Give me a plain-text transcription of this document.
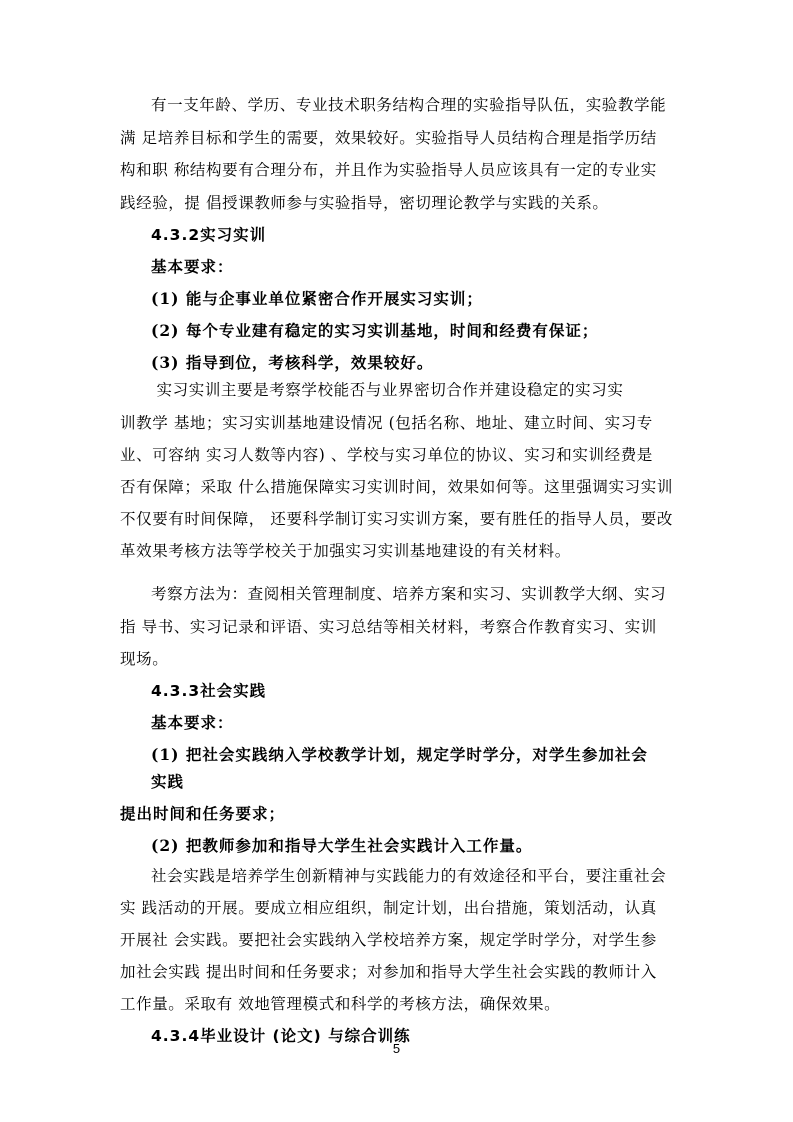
有一支年龄、学历、专业技术职务结构合理的实验指导队伍，实验教学能
满 足培养目标和学生的需要，效果较好。实验指导人员结构合理是指学历结
构和职 称结构要有合理分布，并且作为实验指导人员应该具有一定的专业实
践经验，提 倡授课教师参与实验指导，密切理论教学与实践的关系。
4.3.2实习实训
基本要求：
(1) 能与企事业单位紧密合作开展实习实训；
(2) 每个专业建有稳定的实习实训基地，时间和经费有保证；
(3) 指导到位，考核科学，效果较好。
实习实训主要是考察学校能否与业界密切合作并建设稳定的实习实
训教学 基地；实习实训基地建设情况 (包括名称、地址、建立时间、实习专
业、可容纳 实习人数等内容) 、学校与实习单位的协议、实习和实训经费是
否有保障；采取 什么措施保障实习实训时间，效果如何等。这里强调实习实训
不仅要有时间保障， 还要科学制订实习实训方案，要有胜任的指导人员，要改
革效果考核方法等学校关于加强实习实训基地建设的有关材料。
考察方法为：查阅相关管理制度、培养方案和实习、实训教学大纲、实习
指 导书、实习记录和评语、实习总结等相关材料，考察合作教育实习、实训
现场。
4.3.3社会实践
基本要求：
(1) 把社会实践纳入学校教学计划，规定学时学分，对学生参加社会
实践
提出时间和任务要求；
(2) 把教师参加和指导大学生社会实践计入工作量。
社会实践是培养学生创新精神与实践能力的有效途径和平台，要注重社会
实 践活动的开展。要成立相应组织，制定计划，出台措施，策划活动，认真
开展社 会实践。要把社会实践纳入学校培养方案，规定学时学分，对学生参
加社会实践 提出时间和任务要求；对参加和指导大学生社会实践的教师计入
工作量。采取有 效地管理模式和科学的考核方法，确保效果。
4.3.4毕业设计 (论文) 与综合训练
5
